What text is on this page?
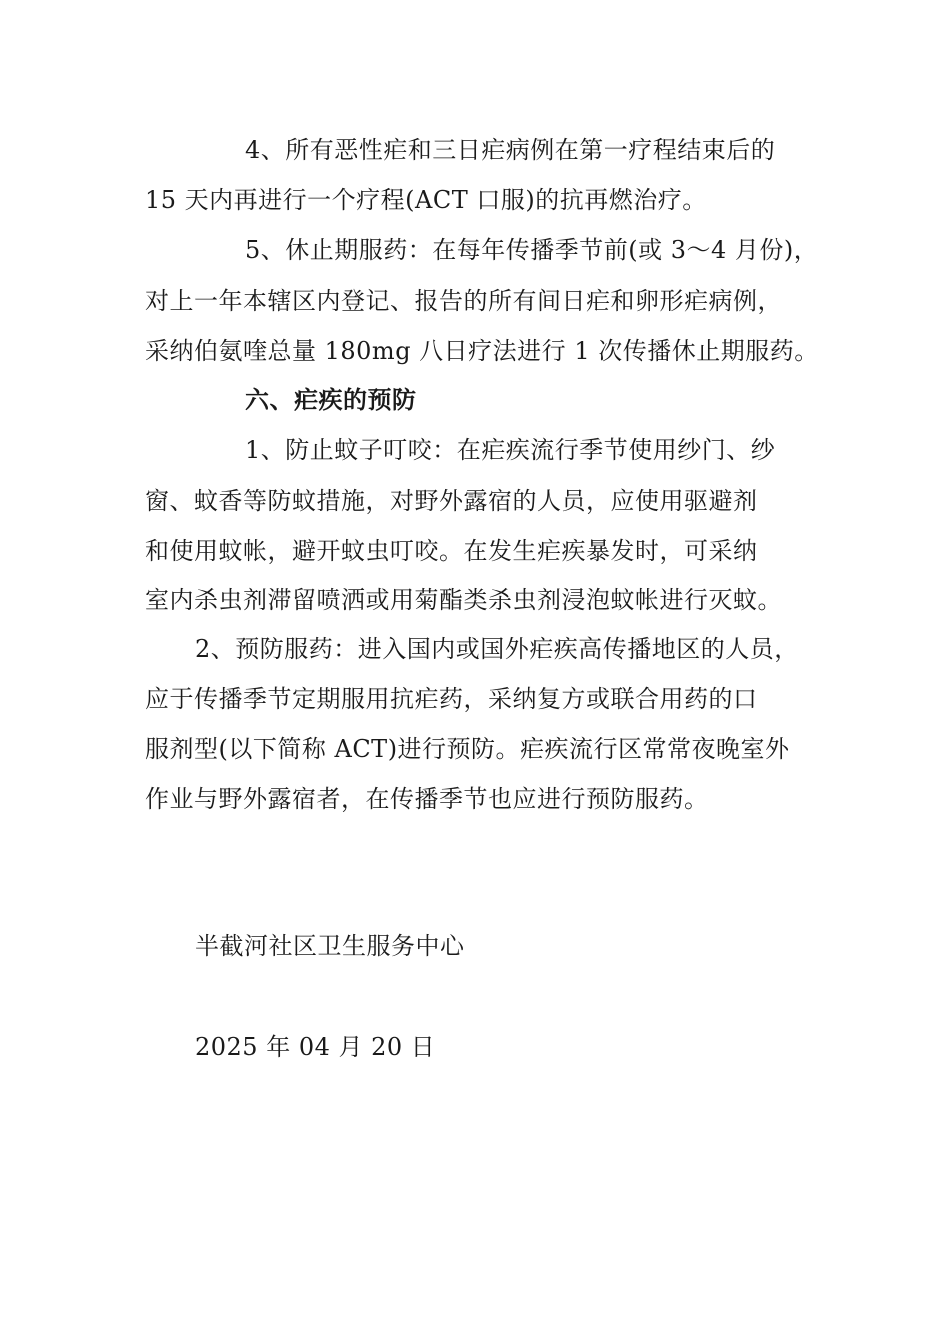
4、所有恶性疟和三日疟病例在第一疗程结束后的
15 天内再进行一个疗程(ACT 口服)的抗再燃治疗。
5、休止期服药：在每年传播季节前(或 3～4 月份)，
对上一年本辖区内登记、报告的所有间日疟和卵形疟病例，
采纳伯氨喹总量 180mg 八日疗法进行 1 次传播休止期服药。
六、疟疾的预防
1、防止蚊子叮咬：在疟疾流行季节使用纱门、纱
窗、蚊香等防蚊措施，对野外露宿的人员，应使用驱避剂
和使用蚊帐，避开蚊虫叮咬。在发生疟疾暴发时，可采纳
室内杀虫剂滞留喷洒或用菊酯类杀虫剂浸泡蚊帐进行灭蚊。
2、预防服药：进入国内或国外疟疾高传播地区的人员，
应于传播季节定期服用抗疟药，采纳复方或联合用药的口
服剂型(以下简称 ACT)进行预防。疟疾流行区常常夜晚室外
作业与野外露宿者，在传播季节也应进行预防服药。
半截河社区卫生服务中心
2025 年 04 月 20 日
